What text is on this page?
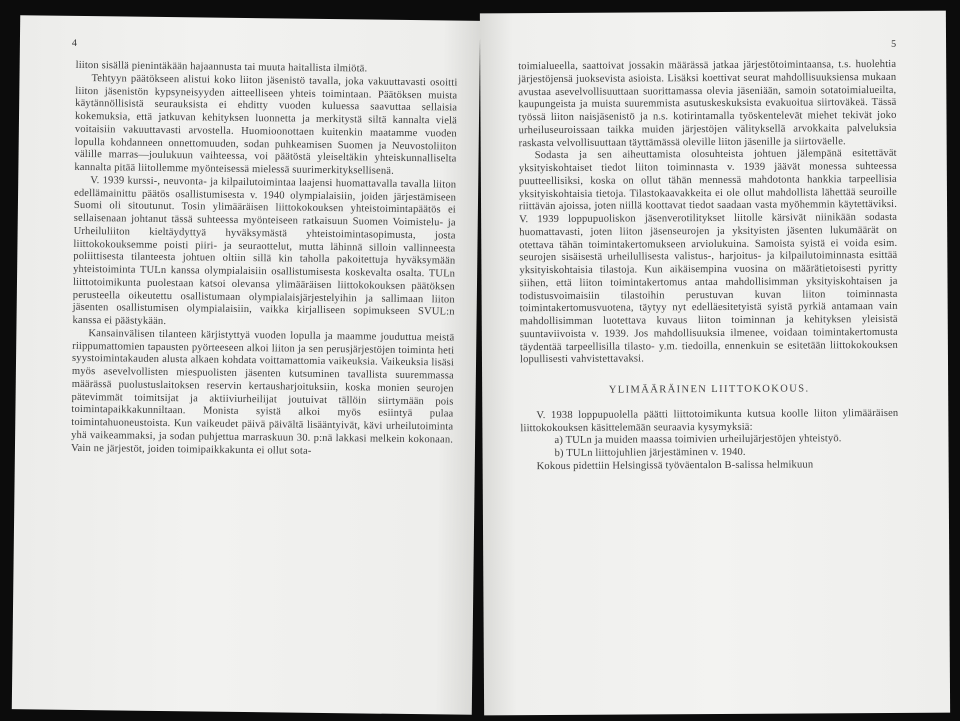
4

liiton sisällä pienintäkään hajaannusta tai muuta haitallista ilmiötä.

Tehtyyn päätökseen alistui koko liiton jäsenistö tavalla, joka vakuuttavasti osoitti liiton jäsenistön kypsyneisyyden aitteelliseen yhteis toimintaan. Päätöksen muista käytännöllisistä seurauksista ei ehditty vuoden kuluessa saavuttaa sellaisia kokemuksia, että jatkuvan kehityksen luonnetta ja merkitystä siltä kannalta vielä voitaisiin vakuuttavasti arvostella. Huomioonottaen kuitenkin maatamme vuoden lopulla kohdanneen onnettomuuden, sodan puhkeamisen Suomen ja Neuvostoliiton välille marras—joulukuun vaihteessa, voi päätöstä yleiseltäkin yhteiskunnalliselta kannalta pitää liitollemme myönteisessä mielessä suurimerkityksellisenä.

V. 1939 kurssi-, neuvonta- ja kilpailutoimintaa laajensi huomattavalla tavalla liiton edellämainittu päätös osallistumisesta v. 1940 olympialaisiin, joiden järjestämiseen Suomi oli sitoutunut. Tosin ylimääräisen liittokokouksen yhteistoimintapäätös ei sellaisenaan johtanut tässä suhteessa myönteiseen ratkaisuun Suomen Voimistelu- ja Urheiluliiton kieltäydyttyä hyväksymästä yhteistoimintasopimusta, josta liittokokouksemme poisti piiri- ja seuraottelut, mutta lähinnä silloin vallinneesta poliittisesta tilanteesta johtuen oltiin sillä kin taholla pakoitettuja hyväksymään yhteistoiminta TULn kanssa olympialaisiin osallistumisesta koskevalta osalta. TULn liittotoimikunta puolestaan katsoi olevansa ylimääräisen liittokokouksen päätöksen perusteella oikeutettu osallistumaan olympialaisjärjestelyihin ja sallimaan liiton jäsenten osallistumisen olympialaisiin, vaikka kirjalliseen sopimukseen SVUL:n kanssa ei päästykään.

Kansainvälisen tilanteen kärjistyttyä vuoden lopulla ja maamme jouduttua meistä riippumattomien tapausten pyörteeseen alkoi liiton ja sen perusjärjestöjen toiminta heti syystoimintakauden alusta alkaen kohdata voittamattomia vaikeuksia. Vaikeuksia lisäsi myös asevelvollisten miespuolisten jäsenten kutsuminen tavallista suuremmassa määrässä puolustuslaitoksen reservin kertausharjoituksiin, koska monien seurojen pätevimmät toimitsijat ja aktiiviurheilijat joutuivat tällöin siirtymään pois toimintapaikkakunniltaan. Monista syistä alkoi myös esiintyä pulaa toimintahuoneustoista. Kun vaikeudet päivä päivältä lisääntyivät, kävi urheilutoiminta yhä vaikeammaksi, ja sodan puhjettua marraskuun 30. p:nä lakkasi melkein kokonaan. Vain ne järjestöt, joiden toimipaikkakunta ei ollut sota-

5

toimialueella, saattoivat jossakin määrässä jatkaa järjestötoimintaansa, t.s. huolehtia järjestöjensä juoksevista asioista. Lisäksi koettivat seurat mahdollisuuksiensa mukaan avustaa asevelvollisuuttaan suorittamassa olevia jäseniään, samoin sotatoimialueilta, kaupungeista ja muista suuremmista asutuskeskuksista evakuoitua siirtoväkeä. Tässä työssä liiton naisjäsenistö ja n.s. kotirintamalla työskentelevät miehet tekivät joko urheiluseuroissaan taikka muiden järjestöjen välityksellä arvokkaita palveluksia raskasta velvollisuuttaan täyttämässä oleville liiton jäsenille ja siirtoväelle.

Sodasta ja sen aiheuttamista olosuhteista johtuen jälempänä esitettävät yksityiskohtaiset tiedot liiton toiminnasta v. 1939 jäävät monessa suhteessa puutteellisiksi, koska on ollut tähän mennessä mahdotonta hankkia tarpeellisia yksityiskohtaisia tietoja. Tilastokaavakkeita ei ole ollut mahdollista lähettää seuroille riittävän ajoissa, joten niillä koottavat tiedot saadaan vasta myöhemmin käytettäviksi. V. 1939 loppupuoliskon jäsenverotilitykset liitolle kärsivät niinikään sodasta huomattavasti, joten liiton jäsenseurojen ja yksityisten jäsenten lukumäärät on otettava tähän toimintakertomukseen arviolukuina. Samoista syistä ei voida esim. seurojen sisäisestä urheilullisesta valistus-, harjoitus- ja kilpailutoiminnasta esittää yksityiskohtaisia tilastoja. Kun aikäisempina vuosina on määrätietoisesti pyritty siihen, että liiton toimintakertomus antaa mahdollisimman yksityiskohtaisen ja todistusvoimaisiin tilastoihin perustuvan kuvan liiton toiminnasta toimintakertomusvuotena, täytyy nyt edelläesitetyistä syistä pyrkiä antamaan vain mahdollisimman luotettava kuvaus liiton toiminnan ja kehityksen yleisistä suuntaviivoista v. 1939. Jos mahdollisuuksia ilmenee, voidaan toimintakertomusta täydentää tarpeellisilla tilasto- y.m. tiedoilla, ennenkuin se esitetään liittokokouksen lopullisesti vahvistettavaksi.

YLIMÄÄRÄINEN LIITTOKOKOUS.

V. 1938 loppupuolella päätti liittotoimikunta kutsua koolle liiton ylimääräisen liittokokouksen käsittelemään seuraavia kysymyksiä:

a) TULn ja muiden maassa toimivien urheilujärjestöjen yhteistyö.

b) TULn liittojuhlien järjestäminen v. 1940.

Kokous pidettiin Helsingissä työväentalon B-salissa helmikuun
